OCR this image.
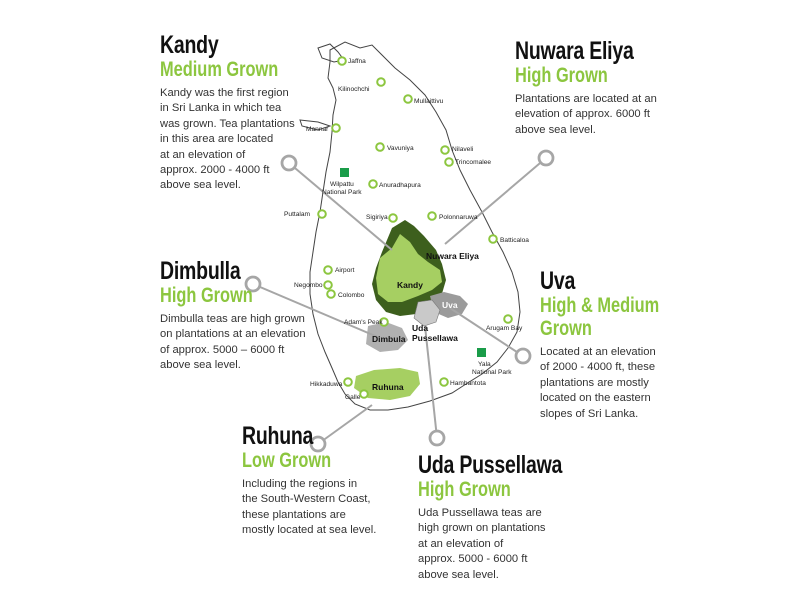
Kandy
Nuwara Eliya
Uva
Uda Pussellawa
Dimbula
Ruhuna
Wilpattu National Park
Yala National Park
Jaffna
Kilinochchi
Mullaittivu
Mannar
Vavuniya	Nilaveli
Trincomalee
Anuradhapura
Puttalam	Sigiriya	Polonnaruwa
Batticaloa
Airport
Negombo
Colombo
Adam's Peak
Arugam Bay
Hikkaduwa
Galle
Hambantota
Kandy
Medium Grown
Kandy was the first region
in Sri Lanka in which tea
was grown. Tea plantations
in this area are located
at an elevation of
approx. 2000 - 4000 ft
above sea level.
Nuwara Eliya
High Grown
Plantations are located at an
elevation of approx. 6000 ft
above sea level.
Dimbulla
High Grown
Dimbulla teas are high grown
on plantations at an elevation
of approx. 5000 – 6000 ft
above sea level.
Uva
High & Medium
Grown
Located at an elevation
of 2000 - 4000 ft, these
plantations are mostly
located on the eastern
slopes of Sri Lanka.
Ruhuna
Low Grown
Including the regions in
the South-Western Coast,
these plantations are
mostly located at sea level.
Uda Pussellawa
High Grown
Uda Pussellawa teas are
high grown on plantations
at an elevation of
approx. 5000 - 6000 ft
above sea level.
